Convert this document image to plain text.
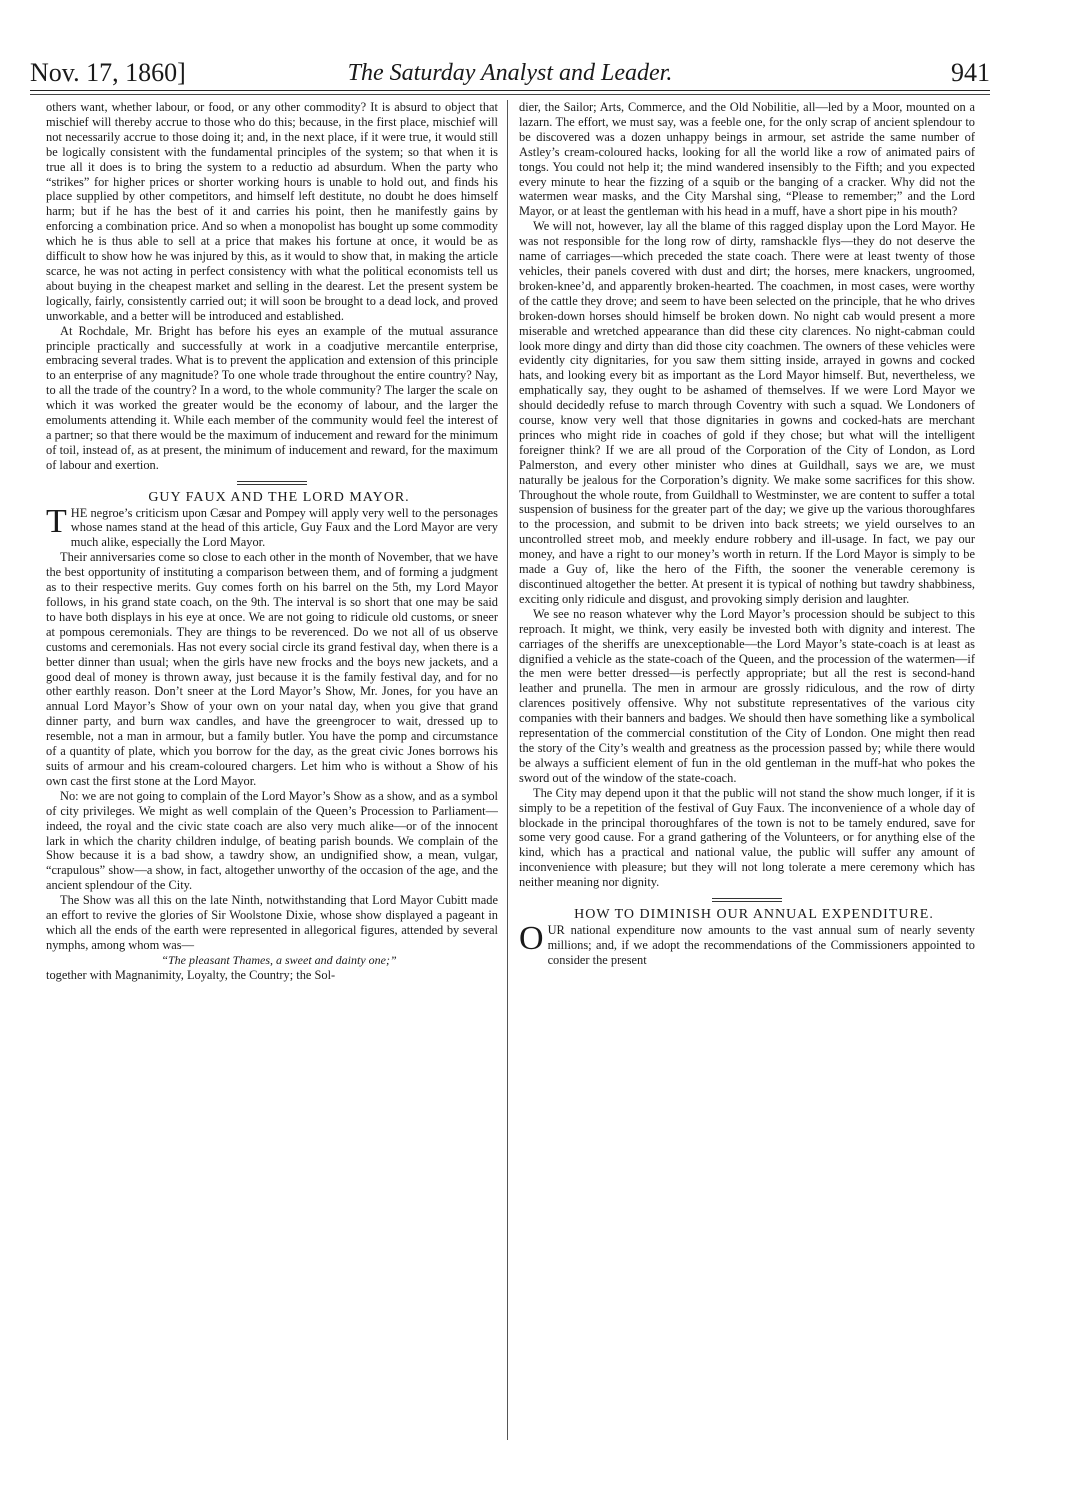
Nov. 17, 1860]	The Saturday Analyst and Leader.	941

others want, whether labour, or food, or any other commodity? It is absurd to object that mischief will thereby accrue to those who do this; because, in the first place, mischief will not necessarily accrue to those doing it; and, in the next place, if it were true, it would still be logically consistent with the fundamental principles of the system; so that when it is true all it does is to bring the system to a reductio ad absurdum. When the party who “strikes” for higher prices or shorter working hours is unable to hold out, and finds his place supplied by other competitors, and himself left destitute, no doubt he does himself harm; but if he has the best of it and carries his point, then he manifestly gains by enforcing a combination price. And so when a monopolist has bought up some commodity which he is thus able to sell at a price that makes his fortune at once, it would be as difficult to show how he was injured by this, as it would to show that, in making the article scarce, he was not acting in perfect consistency with what the political economists tell us about buying in the cheapest market and selling in the dearest. Let the present system be logically, fairly, consistently carried out; it will soon be brought to a dead lock, and proved unworkable, and a better will be introduced and established.

At Rochdale, Mr. Bright has before his eyes an example of the mutual assurance principle practically and successfully at work in a coadjutive mercantile enterprise, embracing several trades. What is to prevent the application and extension of this principle to an enterprise of any magnitude? To one whole trade throughout the entire country? Nay, to all the trade of the country? In a word, to the whole community? The larger the scale on which it was worked the greater would be the economy of labour, and the larger the emoluments attending it. While each member of the community would feel the interest of a partner; so that there would be the maximum of inducement and reward for the minimum of toil, instead of, as at present, the minimum of inducement and reward, for the maximum of labour and exertion.

GUY FAUX AND THE LORD MAYOR.

THE negroe’s criticism upon Cæsar and Pompey will apply very well to the personages whose names stand at the head of this article, Guy Faux and the Lord Mayor are very much alike, especially the Lord Mayor.

Their anniversaries come so close to each other in the month of November, that we have the best opportunity of instituting a comparison between them, and of forming a judgment as to their respective merits. Guy comes forth on his barrel on the 5th, my Lord Mayor follows, in his grand state coach, on the 9th. The interval is so short that one may be said to have both displays in his eye at once. We are not going to ridicule old customs, or sneer at pompous ceremonials. They are things to be reverenced. Do we not all of us observe customs and ceremonials. Has not every social circle its grand festival day, when there is a better dinner than usual; when the girls have new frocks and the boys new jackets, and a good deal of money is thrown away, just because it is the family festival day, and for no other earthly reason. Don’t sneer at the Lord Mayor’s Show, Mr. Jones, for you have an annual Lord Mayor’s Show of your own on your natal day, when you give that grand dinner party, and burn wax candles, and have the greengrocer to wait, dressed up to resemble, not a man in armour, but a family butler. You have the pomp and circumstance of a quantity of plate, which you borrow for the day, as the great civic Jones borrows his suits of armour and his cream-coloured chargers. Let him who is without a Show of his own cast the first stone at the Lord Mayor.

No: we are not going to complain of the Lord Mayor’s Show as a show, and as a symbol of city privileges. We might as well complain of the Queen’s Procession to Parliament—indeed, the royal and the civic state coach are also very much alike—or of the innocent lark in which the charity children indulge, of beating parish bounds. We complain of the Show because it is a bad show, a tawdry show, an undignified show, a mean, vulgar, “crapulous” show—a show, in fact, altogether unworthy of the occasion of the age, and the ancient splendour of the City.

The Show was all this on the late Ninth, notwithstanding that Lord Mayor Cubitt made an effort to revive the glories of Sir Woolstone Dixie, whose show displayed a pageant in which all the ends of the earth were represented in allegorical figures, attended by several nymphs, among whom was—

“The pleasant Thames, a sweet and dainty one;”

together with Magnanimity, Loyalty, the Country; the Sol-

dier, the Sailor; Arts, Commerce, and the Old Nobilitie, all—led by a Moor, mounted on a lazarn. The effort, we must say, was a feeble one, for the only scrap of ancient splendour to be discovered was a dozen unhappy beings in armour, set astride the same number of Astley’s cream-coloured hacks, looking for all the world like a row of animated pairs of tongs. You could not help it; the mind wandered insensibly to the Fifth; and you expected every minute to hear the fizzing of a squib or the banging of a cracker. Why did not the watermen wear masks, and the City Marshal sing, “Please to remember;” and the Lord Mayor, or at least the gentleman with his head in a muff, have a short pipe in his mouth?

We will not, however, lay all the blame of this ragged display upon the Lord Mayor. He was not responsible for the long row of dirty, ramshackle flys—they do not deserve the name of carriages—which preceded the state coach. There were at least twenty of those vehicles, their panels covered with dust and dirt; the horses, mere knackers, ungroomed, broken-knee’d, and apparently broken-hearted. The coachmen, in most cases, were worthy of the cattle they drove; and seem to have been selected on the principle, that he who drives broken-down horses should himself be broken down. No night cab would present a more miserable and wretched appearance than did these city clarences. No night-cabman could look more dingy and dirty than did those city coachmen. The owners of these vehicles were evidently city dignitaries, for you saw them sitting inside, arrayed in gowns and cocked hats, and looking every bit as important as the Lord Mayor himself. But, nevertheless, we emphatically say, they ought to be ashamed of themselves. If we were Lord Mayor we should decidedly refuse to march through Coventry with such a squad. We Londoners of course, know very well that those dignitaries in gowns and cocked-hats are merchant princes who might ride in coaches of gold if they chose; but what will the intelligent foreigner think? If we are all proud of the Corporation of the City of London, as Lord Palmerston, and every other minister who dines at Guildhall, says we are, we must naturally be jealous for the Corporation’s dignity. We make some sacrifices for this show. Throughout the whole route, from Guildhall to Westminster, we are content to suffer a total suspension of business for the greater part of the day; we give up the various thoroughfares to the procession, and submit to be driven into back streets; we yield ourselves to an uncontrolled street mob, and meekly endure robbery and ill-usage. In fact, we pay our money, and have a right to our money’s worth in return. If the Lord Mayor is simply to be made a Guy of, like the hero of the Fifth, the sooner the venerable ceremony is discontinued altogether the better. At present it is typical of nothing but tawdry shabbiness, exciting only ridicule and disgust, and provoking simply derision and laughter.

We see no reason whatever why the Lord Mayor’s procession should be subject to this reproach. It might, we think, very easily be invested both with dignity and interest. The carriages of the sheriffs are unexceptionable—the Lord Mayor’s state-coach is at least as dignified a vehicle as the state-coach of the Queen, and the procession of the watermen—if the men were better dressed—is perfectly appropriate; but all the rest is second-hand leather and prunella. The men in armour are grossly ridiculous, and the row of dirty clarences positively offensive. Why not substitute representatives of the various city companies with their banners and badges. We should then have something like a symbolical representation of the commercial constitution of the City of London. One might then read the story of the City’s wealth and greatness as the procession passed by; while there would be always a sufficient element of fun in the old gentleman in the muff-hat who pokes the sword out of the window of the state-coach.

The City may depend upon it that the public will not stand the show much longer, if it is simply to be a repetition of the festival of Guy Faux. The inconvenience of a whole day of blockade in the principal thoroughfares of the town is not to be tamely endured, save for some very good cause. For a grand gathering of the Volunteers, or for anything else of the kind, which has a practical and national value, the public will suffer any amount of inconvenience with pleasure; but they will not long tolerate a mere ceremony which has neither meaning nor dignity.

HOW TO DIMINISH OUR ANNUAL EXPENDITURE.

OUR national expenditure now amounts to the vast annual sum of nearly seventy millions; and, if we adopt the recommendations of the Commissioners appointed to consider the present
